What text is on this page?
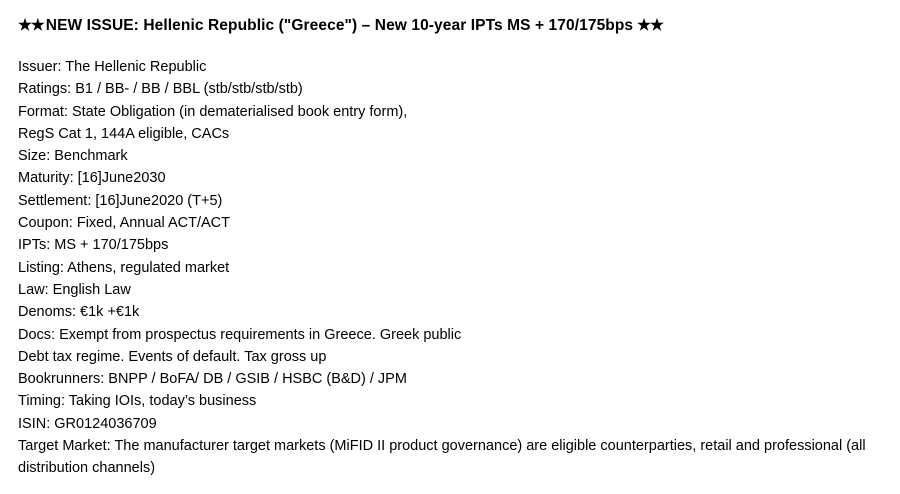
★★ NEW ISSUE: Hellenic Republic ("Greece") – New 10-year IPTs MS + 170/175bps ★★
Issuer: The Hellenic Republic
Ratings: B1 / BB- / BB / BBL (stb/stb/stb/stb)
Format: State Obligation (in dematerialised book entry form),
RegS Cat 1, 144A eligible, CACs
Size: Benchmark
Maturity: [16]June2030
Settlement: [16]June2020 (T+5)
Coupon: Fixed, Annual ACT/ACT
IPTs: MS + 170/175bps
Listing: Athens, regulated market
Law: English Law
Denoms: €1k +€1k
Docs: Exempt from prospectus requirements in Greece. Greek public
Debt tax regime. Events of default. Tax gross up
Bookrunners: BNPP / BoFA/ DB / GSIB / HSBC (B&D) / JPM
Timing: Taking IOIs, today’s business
ISIN: GR0124036709
Target Market: The manufacturer target markets (MiFID II product governance) are eligible counterparties, retail and professional (all distribution channels)
